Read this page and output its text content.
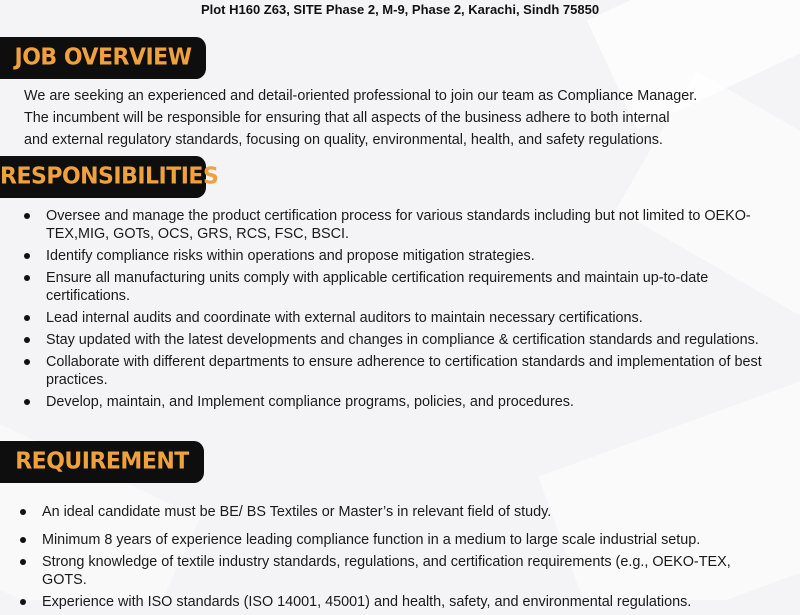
Plot H160 Z63, SITE Phase 2, M-9, Phase 2, Karachi, Sindh 75850
JOB OVERVIEW
We are seeking an experienced and detail-oriented professional to join our team as Compliance Manager.
The incumbent will be responsible for ensuring that all aspects of the business adhere to both internal
and external regulatory standards, focusing on quality, environmental, health, and safety regulations.
RESPONSIBILITIES
Oversee and manage the product certification process for various standards including but not limited to OEKO-TEX,MIG, GOTs, OCS, GRS, RCS, FSC, BSCI.
Identify compliance risks within operations and propose mitigation strategies.
Ensure all manufacturing units comply with applicable certification requirements and maintain up-to-date certifications.
Lead internal audits and coordinate with external auditors to maintain necessary certifications.
Stay updated with the latest developments and changes in compliance & certification standards and regulations.
Collaborate with different departments to ensure adherence to certification standards and implementation of best practices.
Develop, maintain, and Implement compliance programs, policies, and procedures.
REQUIREMENT
An ideal candidate must be BE/ BS Textiles or Master’s in relevant field of study.
Minimum 8 years of experience leading compliance function in a medium to large scale industrial setup.
Strong knowledge of textile industry standards, regulations, and certification requirements (e.g., OEKO-TEX, GOTS.
Experience with ISO standards (ISO 14001, 45001) and health, safety, and environmental regulations.
